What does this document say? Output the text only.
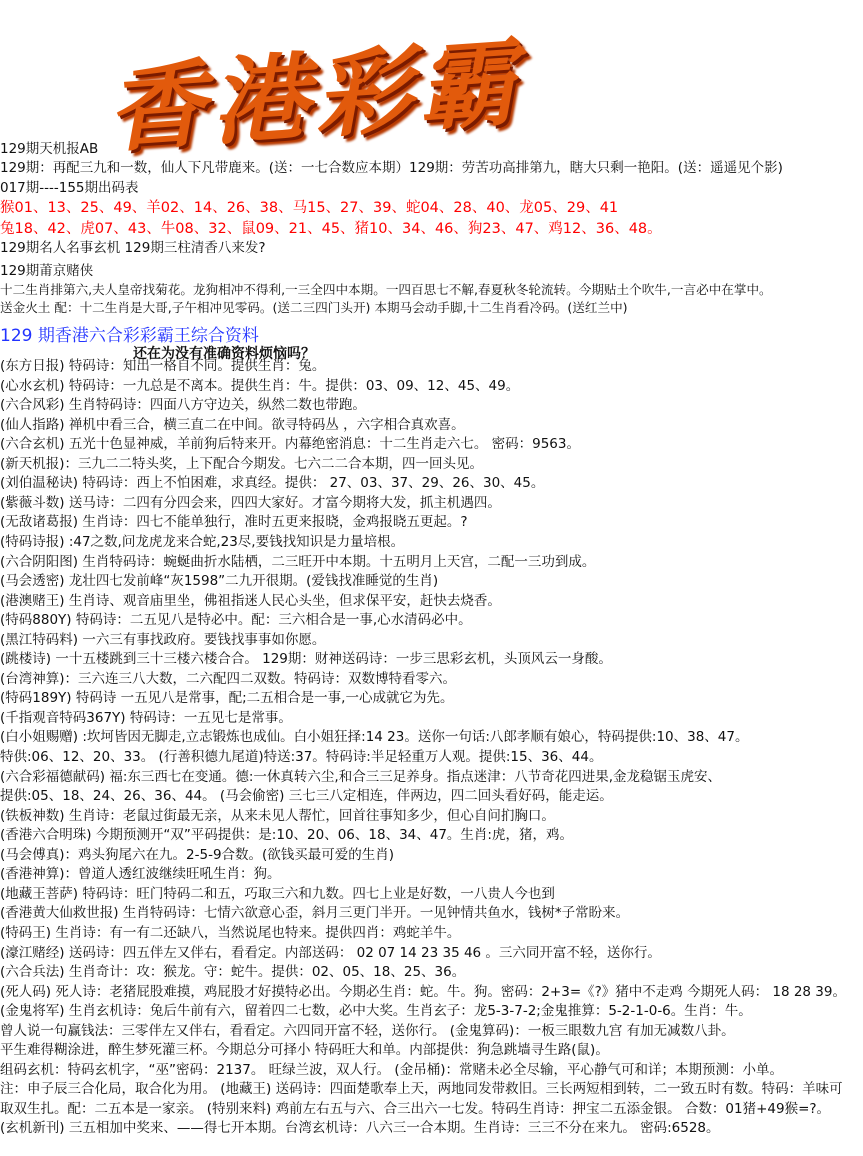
香港彩霸
129期天机报AB
129期：再配三九和一数，仙人下凡带鹿来。(送：一七合数应本期）129期：劳苦功高排第九，瞎大只剩一艳阳。(送：遥遥见个影)
017期----155期出码表
猴01、13、25、49、羊02、14、26、38、马15、27、39、蛇04、28、40、龙05、29、41
兔18、42、虎07、43、牛08、32、鼠09、21、45、猪10、34、46、狗23、47、鸡12、36、48。
129期名人名事玄机 129期三柱清香八来发?
129期莆京赌侠
十二生肖排第六,夫人皇帝找菊花。龙狗相冲不得利,一三全四中本期。一四百思七不解,春夏秋冬轮流转。今期贴土个吹牛,一言必中在掌中。
送金火土 配：十二生肖是大哥,子午相冲见零码。(送二三四门头开) 本期马会动手脚,十二生肖看冷码。(送红兰中)
129 期香港六合彩彩霸王综合资料
还在为没有准确资料烦恼吗？
(东方日报) 特码诗：知出一格自不同。提供生肖：兔。
(心水玄机) 特码诗：一九总是不离本。提供生肖：牛。提供：03、09、12、45、49。
(六合风彩) 生肖特码诗：四面八方守边关，纵然二数也带跑。
(仙人指路) 禅机中看三合，横三直二在中间。欲寻特码丛 ，六字相合真欢喜。
(六合玄机) 五光十色显神威，羊前狗后特来开。内幕绝密消息：十二生肖走六七。 密码：9563。
(新天机报)：三九二二特头奖，上下配合今期发。七六二二合本期，四一回头见。
(刘伯温秘诀) 特码诗：西上不怕困难，求真经。提供： 27、03、37、29、26、30、45。
(紫薇斗数) 送马诗：二四有分四会来，四四大家好。才富今期将大发，抓主机遇四。
(无敌诸葛报) 生肖诗：四七不能单独行，准时五更来报晓，金鸡报晓五更起。?
(特码诗报) :47之数,问龙虎龙来合蛇,23尽,要钱找知识是力量培根。
(六合阴阳图) 生肖特码诗：蜿蜒曲折水陆栖，二三旺开中本期。十五明月上天宫，二配一三功到成。
(马会透密) 龙壮四七发前峰“灰1598”二九开很期。(爱钱找准睡觉的生肖)
(港澳赌王) 生肖诗、观音庙里坐，佛祖指迷人民心头坐，但求保平安，赶快去烧香。
(特码880Y) 特码诗：二五见八是特必中。配：三六相合是一事,心水清码必中。
(黑江特码料) 一六三有事找政府。要钱找事事如你愿。
(跳楼诗) 一十五楼跳到三十三楼六楼合合。 129期：财神送码诗：一步三思彩玄机，头顶风云一身酸。
(台湾神算)：三六连三八大数，二六配四二双数。特码诗：双数博特看零六。
(特码189Y) 特码诗 一五见八是常事，配;二五相合是一事,一心成就它为先。
(千指观音特码367Y) 特码诗：一五见七是常事。
(白小姐赐赠) :坎坷皆因无脚走,立志锻炼也成仙。白小姐狂择:14 23。送你一句话:八郎孝顺有娘心，特码提供:10、38、47。
特供:06、12、20、33。 (行善积德九尾道)特送:37。特码诗:半足轻重万人观。提供:15、36、44。
(六合彩福德献码) 福:东三西七在变通。德:一休真转六尘,和合三三足养身。指点迷津：八节奇花四进果,金龙稳锯玉虎安、
提供:05、18、24、26、36、44。 (马会偷密) 三七三八定相连，伴两边，四二回头看好码，能走运。
(铁板神数) 生肖诗：老鼠过街最无亲，从来未见人帮忙，回首往事知多少，但心自问扪胸口。
(香港六合明珠) 今期预测开“双”平码提供：是:10、20、06、18、34、47。生肖:虎，猪，鸡。
(马会傅真)：鸡头狗尾六在九。2-5-9合数。(欲钱买最可爱的生肖)
(香港神算)：曾道人透红波继续旺吼生肖：狗。
(地藏王菩萨) 特码诗：旺门特码二和五，巧取三六和九数。四七上业是好数，一八贵人今也到
(香港黄大仙救世报) 生肖特码诗：七情六欲意心歪，斜月三更门半开。一见钟情共鱼水，钱树*子常盼来。
(特码王) 生肖诗：有一有二还缺八，当然说尾也特来。提供四肖：鸡蛇羊牛。
(濠江赌经) 送码诗：四五伴左又伴右，看看定。内部送码： 02 07 14 23 35 46 。三六同开富不轻，送你行。
(六合兵法) 生肖奇计：攻：猴龙。守：蛇牛。提供：02、05、18、25、36。
(死人码) 死人诗：老猪屁股难摸，鸡屁股才好摸特必出。今期必生肖：蛇。牛。狗。密码：2+3=《?》猪中不走鸡 今期死人码： 18 28 39。
(金鬼将军) 生肖玄机诗：兔后牛前有六，留着四二七数，必中大奖。生肖玄子：龙5-3-7-2;金鬼推算：5-2-1-0-6。生肖：牛。
曾人说一句赢钱法：三零伴左又伴右，看看定。六四同开富不轻，送你行。 (金鬼算码)：一板三眼数九宫 有加无减数八卦。
平生难得糊涂进，醉生梦死灌三杯。今期总分可择小 特码旺大和单。内部提供：狗急跳墙寻生路(鼠)。
组码玄机：特码玄机字，“巫”密码：2137。 旺绿兰波，双人行。 (金吊桶)：常赌未必全尽输，平心静气可和详；本期预测：小单。
注：申子辰三合化局，取合化为用。 (地藏王) 送码诗：四面楚歌奉上天，两地同发带救旧。三长两短相到转，二一致五时有数。特码：羊味可
取双生扎。配：二五本是一家亲。 (特别来料) 鸡前左右五与六、合三出六一七发。特码生肖诗：押宝二五添金银。 合数：01猪+49猴=?。
(玄机新刊) 三五相加中奖来、——得七开本期。台湾玄机诗：八六三一合本期。生肖诗：三三不分在来九。 密码:6528。
